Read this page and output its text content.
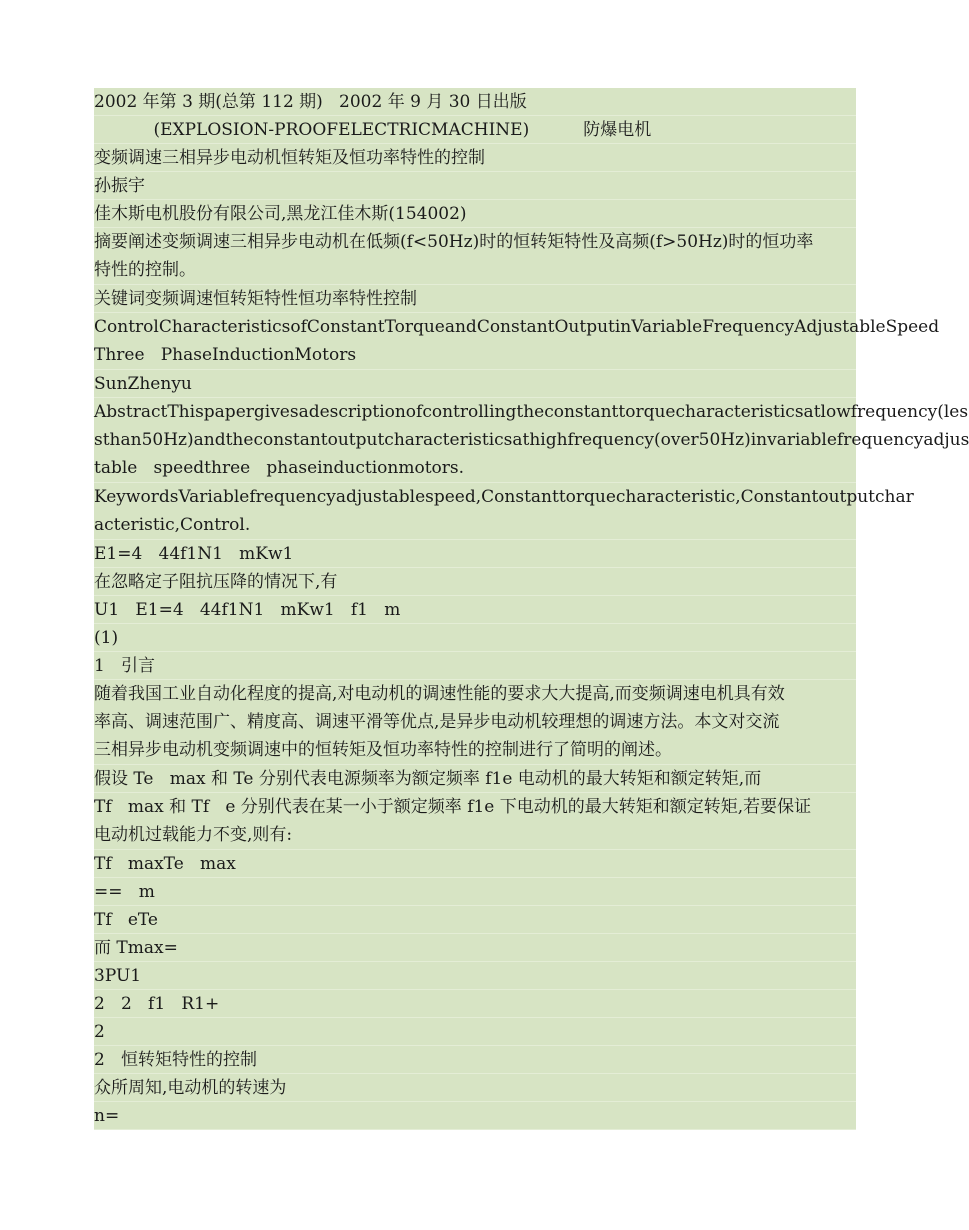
2002 年第 3 期(总第 112 期)   2002 年 9 月 30 日出版
(EXPLOSION-PROOFELECTRICMACHINE)          防爆电机
变频调速三相异步电动机恒转矩及恒功率特性的控制
孙振宇
佳木斯电机股份有限公司,黑龙江佳木斯(154002)
摘要阐述变频调速三相异步电动机在低频(f<50Hz)时的恒转矩特性及高频(f>50Hz)时的恒功率
特性的控制。
关键词变频调速恒转矩特性恒功率特性控制
ControlCharacteristicsofConstantTorqueandConstantOutputinVariable FrequencyAdjustable Speed
Three   PhaseInductionMotors
SunZhenyu
Abstract Thispapergivesadescriptionofcontrollingtheconstanttorquecharacteristicsatlowfrequency(les
sthan50Hz)andtheconstantoutputcharacteristicsathighfrequency(over50Hz)invariable frequencyadjus
table   speedthree   phaseinductionmotors.
Keywords Variable frequencyadjustable speed,Constanttorquecharacteristic,Con stantoutputchar
acteristic,Control.
E1=4   44f1N1   mKw1
在忽略定子阻抗压降的情况下,有
U1   E1=4   44f1N1   mKw1   f1   m
(1)
1   引言
随着我国工业自动化程度的提高,对电动机的调速性能的要求大大提高,而变频调速电机具有效
率高、调速范围广、精度高、调速平滑等优点,是异步电动机较理想的调速方法。本文对交流
三相异步电动机变频调速中的恒转矩及恒功率特性的控制进行了简明的阐述。
假设 Te   max 和 Te 分别代表电源频率为额定频率 f1e 电动机的最大转矩和额定转矩,而
Tf   max 和 Tf   e 分别代表在某一小于额定频率 f1e 下电动机的最大转矩和额定转矩,若要保证
电动机过载能力不变,则有:
Tf   maxTe   max
==   m
Tf   eTe
而 Tmax=
3PU1
2   2   f1   R1+
2
2   恒转矩特性的控制
众所周知,电动机的转速为
n=
